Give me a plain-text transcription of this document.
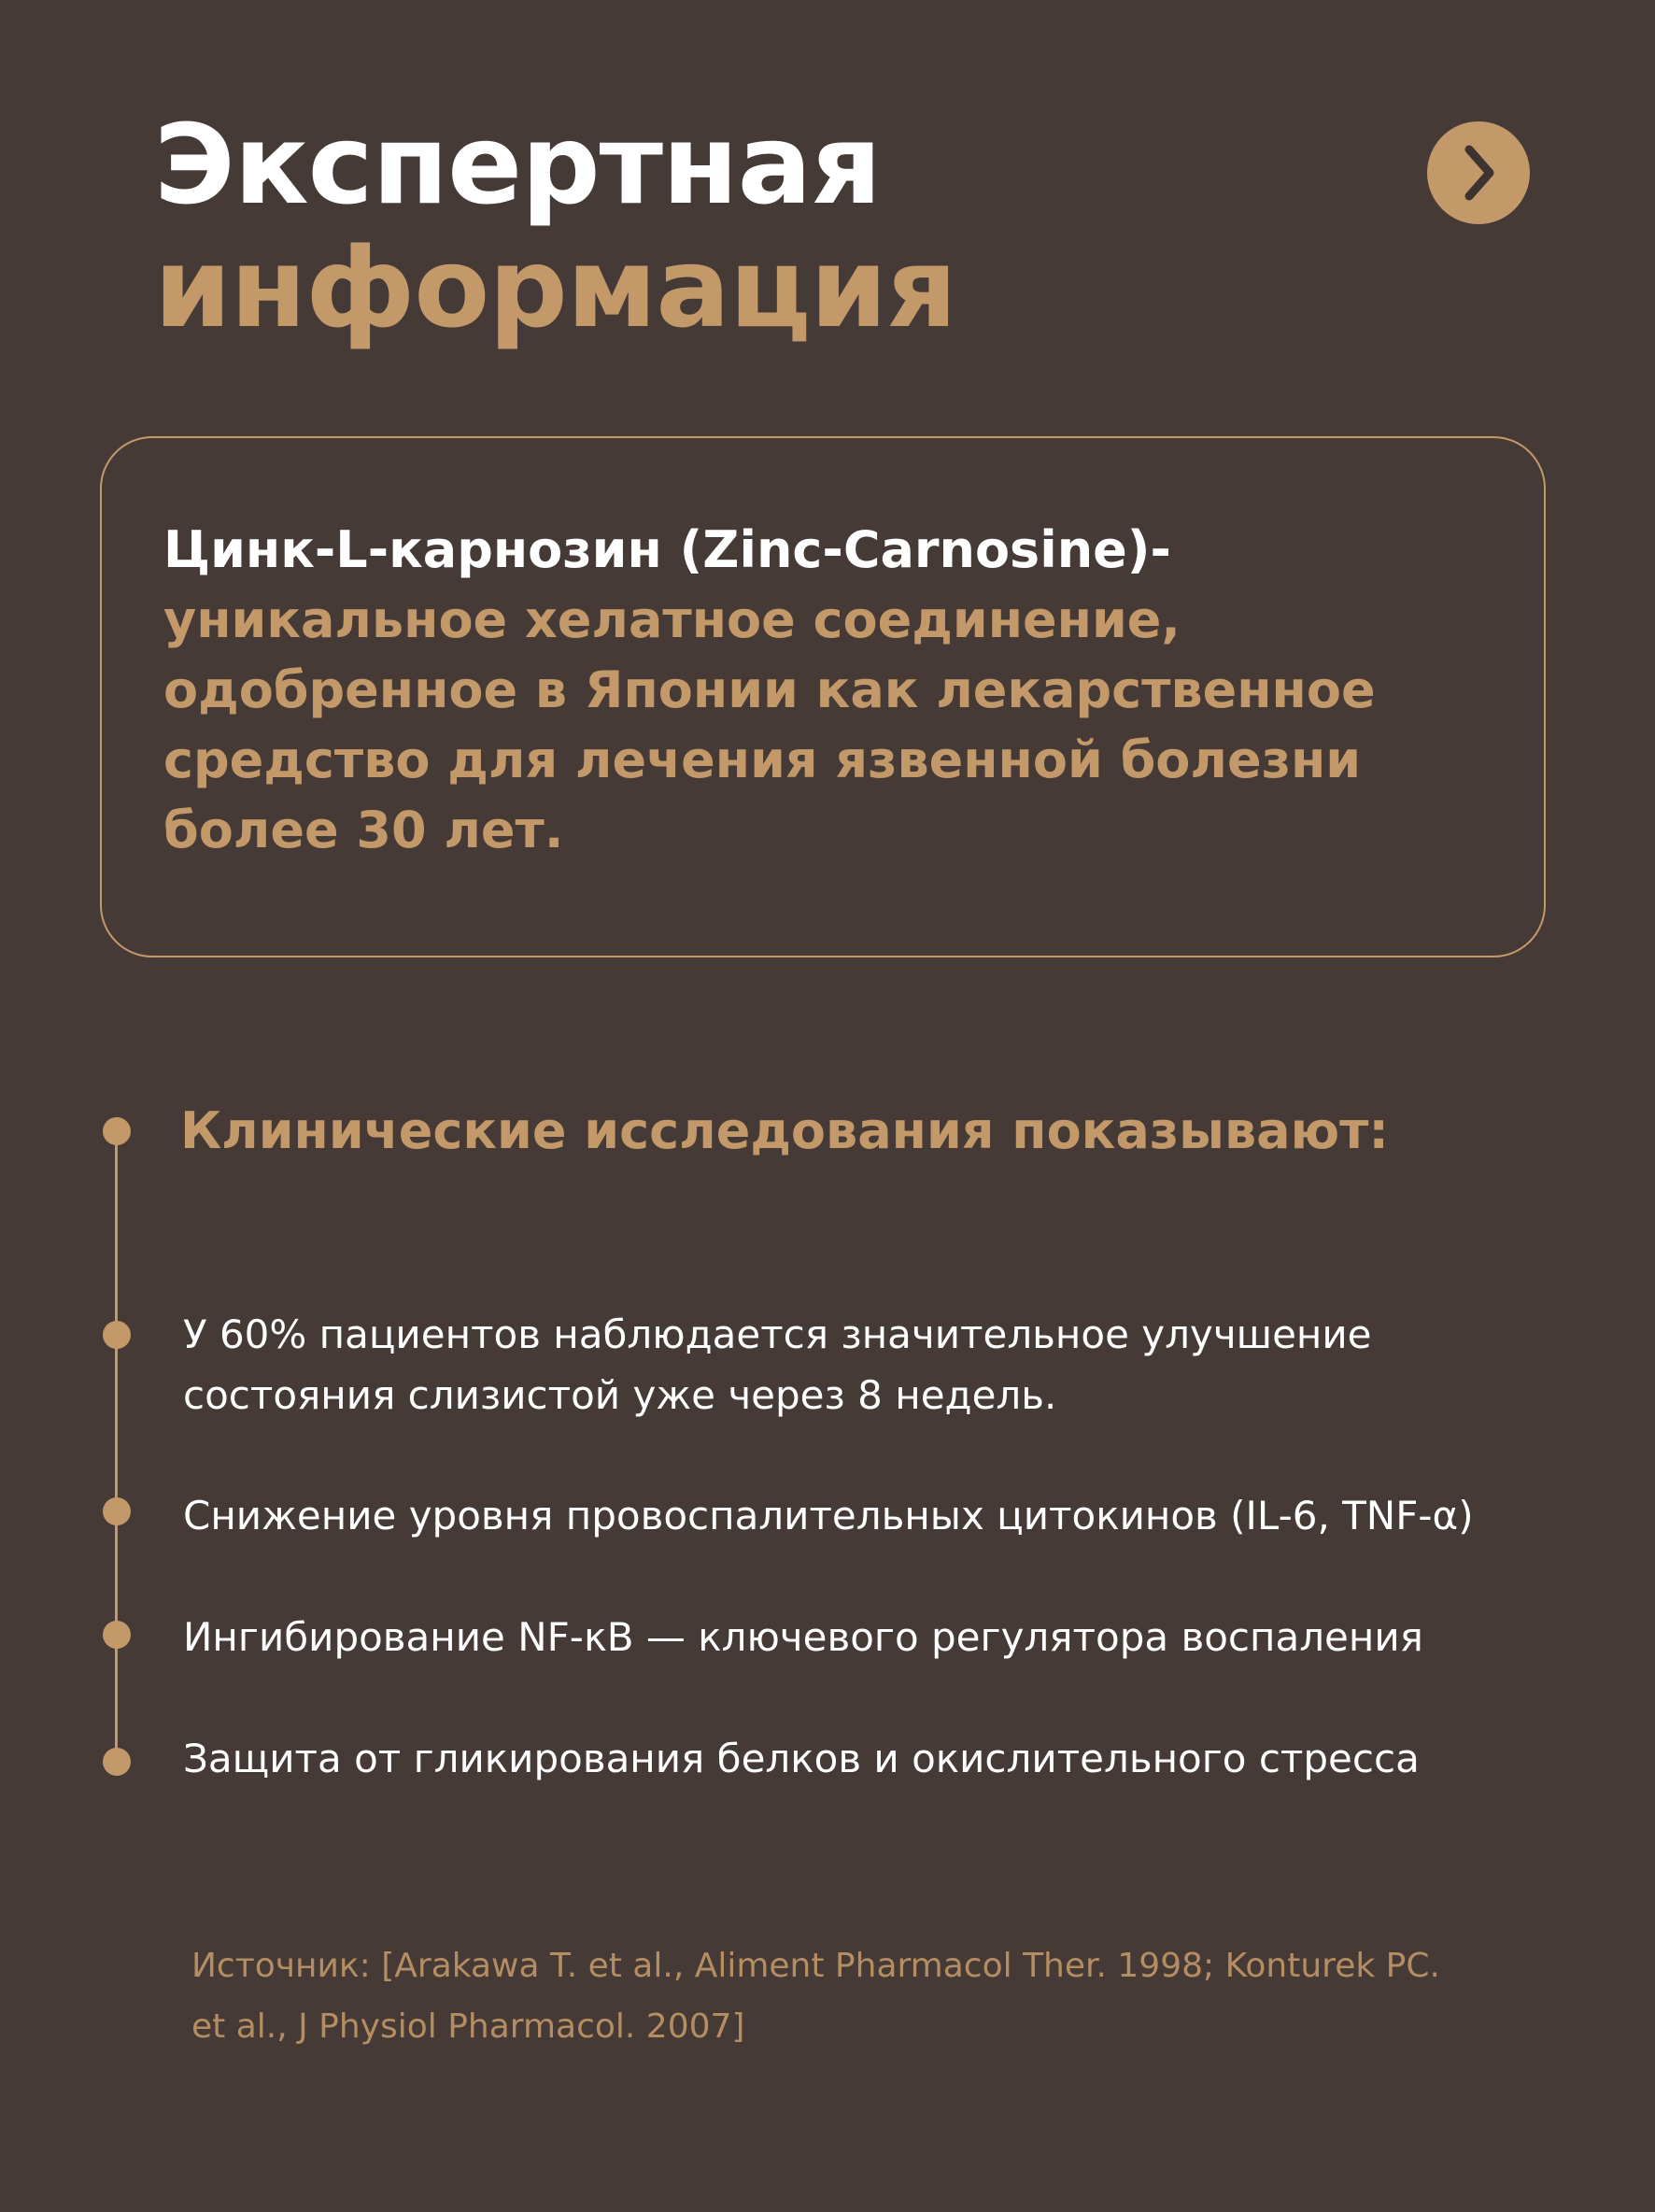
Экспертная
информация

Цинк-L-карнозин (Zinc-Carnosine)-
уникальное хелатное соединение, одобренное в Японии как лекарственное средство для лечения язвенной болезни более 30 лет.

Клинические исследования показывают:

У 60% пациентов наблюдается значительное улучшение состояния слизистой уже через 8 недель.

Снижение уровня провоспалительных цитокинов (IL-6, TNF-α)

Ингибирование NF-κB — ключевого регулятора воспаления

Защита от гликирования белков и окислительного стресса

Источник: [Arakawa T. et al., Aliment Pharmacol Ther. 1998; Konturek PC. et al., J Physiol Pharmacol. 2007]
